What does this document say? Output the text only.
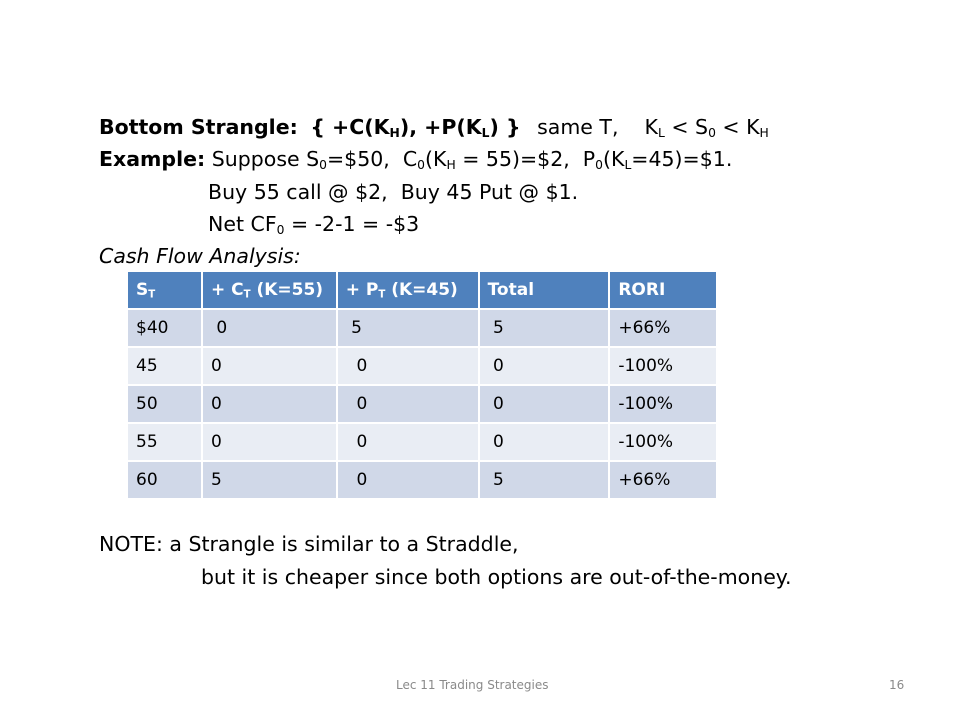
Bottom Strangle: { $+C(K_H)$, $+P(K_L)$ } same T,    $K_L < S_0 < K_H$
Example: Suppose $S_0=\$50$,  $C_0(K_H$ = 55)=$2,  $P_0(K_L=45)=\$1$.
Buy 55 call @ $2,  Buy 45 Put @ $1.
Net $CF_0 = -2-1$ = -$3
Cash Flow Analysis:
$S_T$	+ $C_T$ (K=55)	+ $P_T$ (K=45)	Total	RORI
$40	0	5	5	+66%
45	0	0	0	-100%
50	0	0	0	-100%
55	0	0	0	-100%
60	5	0	5	+66%
NOTE: a Strangle is similar to a Straddle,
but it is cheaper since both options are out-of-the-money.
Lec 11 Trading Strategies	16
